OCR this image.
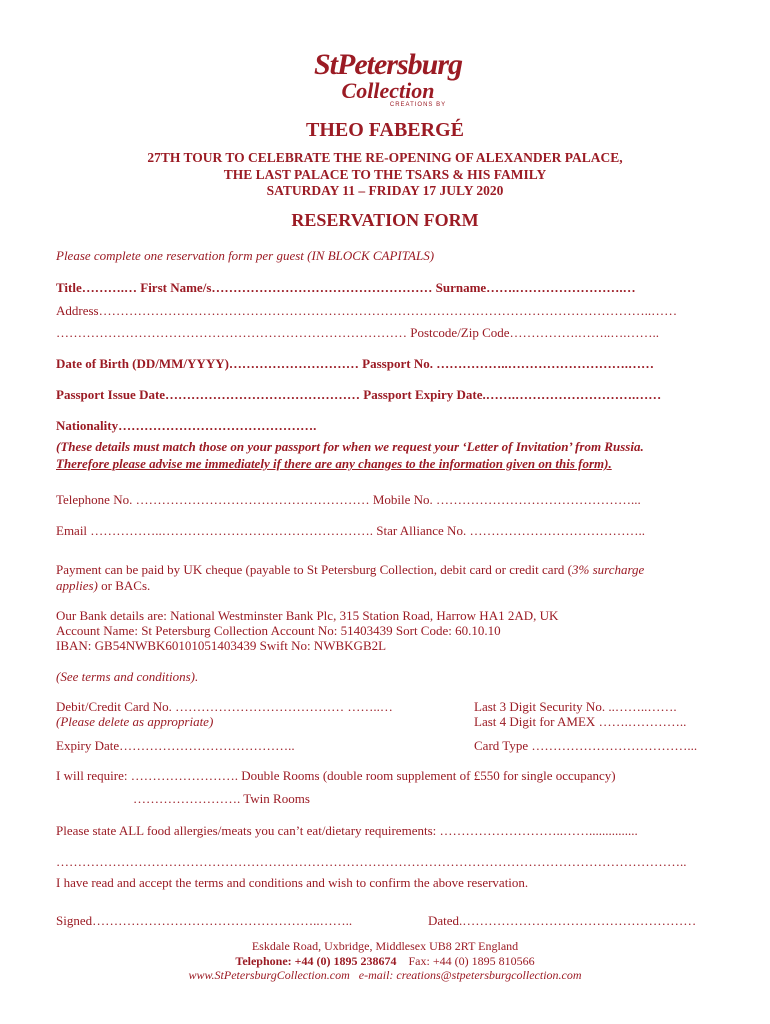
StPetersburg
Collection
CREATIONS BY
THEO FABERGÉ
27TH TOUR TO CELEBRATE THE RE-OPENING OF ALEXANDER PALACE,
THE LAST PALACE TO THE TSARS & HIS FAMILY
SATURDAY 11 – FRIDAY 17 JULY 2020
RESERVATION FORM
Please complete one reservation form per guest (IN BLOCK CAPITALS)
Title……….… First Name/s…………………………………………… Surname…….…………………….…
Address………………………………………………………………………………………………………………..……
……………………………………………………………………… Postcode/Zip Code…………….……..….……..
Date of Birth (DD/MM/YYYY)………………………… Passport No. ……………..……………………….……
Passport Issue Date……………………………………… Passport Expiry Date.…….……………………….……
Nationality……………………………………….
(These details must match those on your passport for when we request your ‘Letter of Invitation’ from Russia.
Therefore please advise me immediately if there are any changes to the information given on this form).
Telephone No. ……………………………………………… Mobile No. ………………………………………...
Email ……………..…………………………………………. Star Alliance No. …………………………………..
Payment can be paid by UK cheque (payable to St Petersburg Collection, debit card or credit card (3% surcharge
applies) or BACs.
Our Bank details are: National Westminster Bank Plc, 315 Station Road, Harrow HA1 2AD, UK
Account Name: St Petersburg Collection Account No: 51403439 Sort Code: 60.10.10
IBAN: GB54NWBK60101051403439 Swift No: NWBKGB2L
(See terms and conditions).
Debit/Credit Card No. ………………………………… ……..…
(Please delete as appropriate)
Last 3 Digit Security No. ..……..…….
Last 4 Digit for AMEX …….…………..
Expiry Date…………………………………..	Card Type ………………………………...
I will require: ……………………. Double Rooms (double room supplement of £550 for single occupancy)
……………………. Twin Rooms
Please state ALL food allergies/meats you can’t eat/dietary requirements: ………………………..……...............
………………………………………………………………………………………………………………………………..
I have read and accept the terms and conditions and wish to confirm the above reservation.
Signed……………………………………………..……..	Dated.………………………………………………
Eskdale Road, Uxbridge, Middlesex UB8 2RT England
Telephone: +44 (0) 1895 238674 Fax: +44 (0) 1895 810566
www.StPetersburgCollection.com e-mail: creations@stpetersburgcollection.com
